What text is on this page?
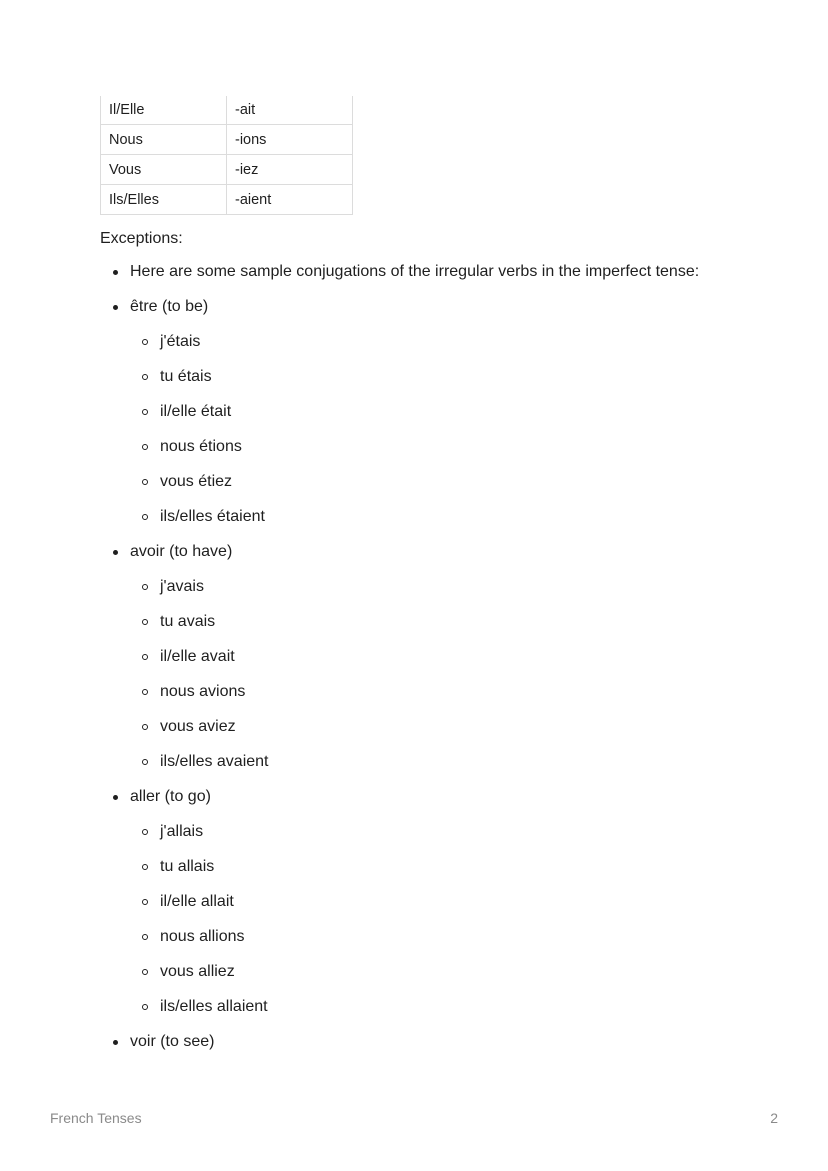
Il/Elle	-ait
Nous	-ions
Vous	-iez
Ils/Elles	-aient

Exceptions:

Here are some sample conjugations of the irregular verbs in the imperfect tense:
être (to be)
j'étais
tu étais
il/elle était
nous étions
vous étiez
ils/elles étaient
avoir (to have)
j'avais
tu avais
il/elle avait
nous avions
vous aviez
ils/elles avaient
aller (to go)
j'allais
tu allais
il/elle allait
nous allions
vous alliez
ils/elles allaient
voir (to see)
French Tenses	2
